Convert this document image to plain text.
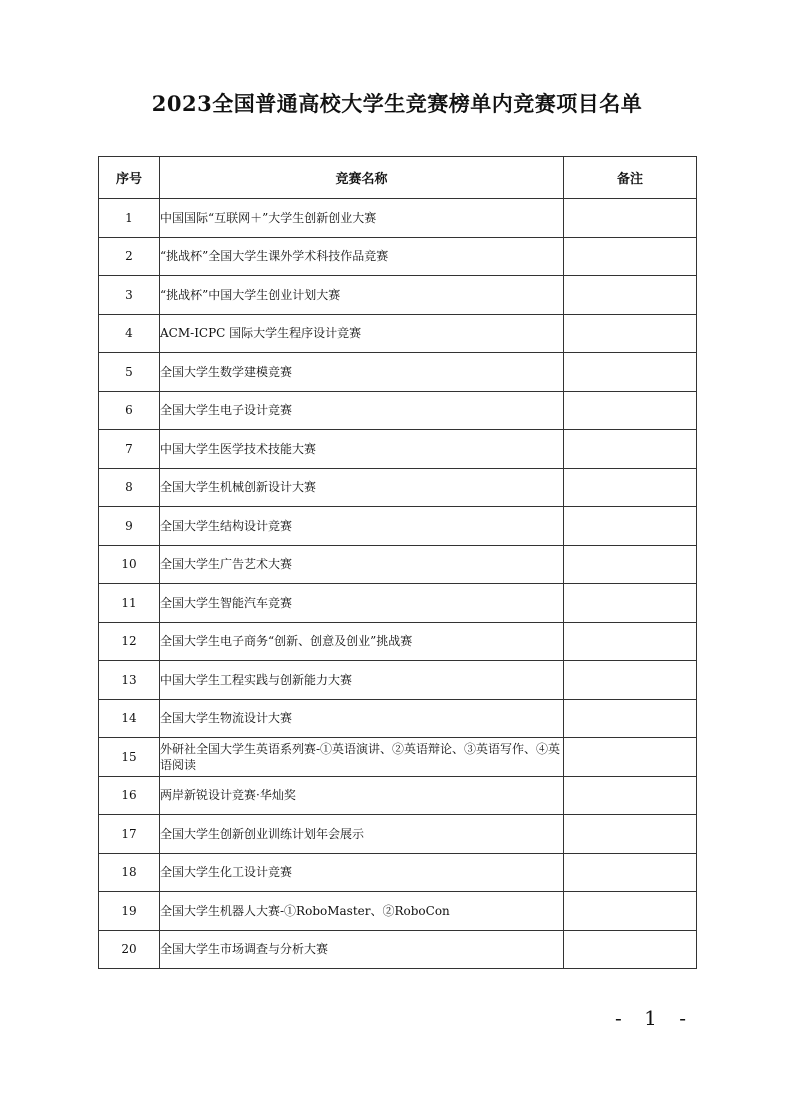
2023全国普通高校大学生竞赛榜单内竞赛项目名单
序号	竞赛名称	备注
1	中国国际“互联网＋”大学生创新创业大赛	
2	“挑战杯”全国大学生课外学术科技作品竞赛	
3	“挑战杯”中国大学生创业计划大赛	
4	ACM-ICPC 国际大学生程序设计竞赛	
5	全国大学生数学建模竞赛	
6	全国大学生电子设计竞赛	
7	中国大学生医学技术技能大赛	
8	全国大学生机械创新设计大赛	
9	全国大学生结构设计竞赛	
10	全国大学生广告艺术大赛	
11	全国大学生智能汽车竞赛	
12	全国大学生电子商务“创新、创意及创业”挑战赛	
13	中国大学生工程实践与创新能力大赛	
14	全国大学生物流设计大赛	
15	外研社全国大学生英语系列赛-①英语演讲、②英语辩论、③英语写作、④英语阅读	
16	两岸新锐设计竞赛·华灿奖	
17	全国大学生创新创业训练计划年会展示	
18	全国大学生化工设计竞赛	
19	全国大学生机器人大赛-①RoboMaster、②RoboCon	
20	全国大学生市场调查与分析大赛	
- 1 -
